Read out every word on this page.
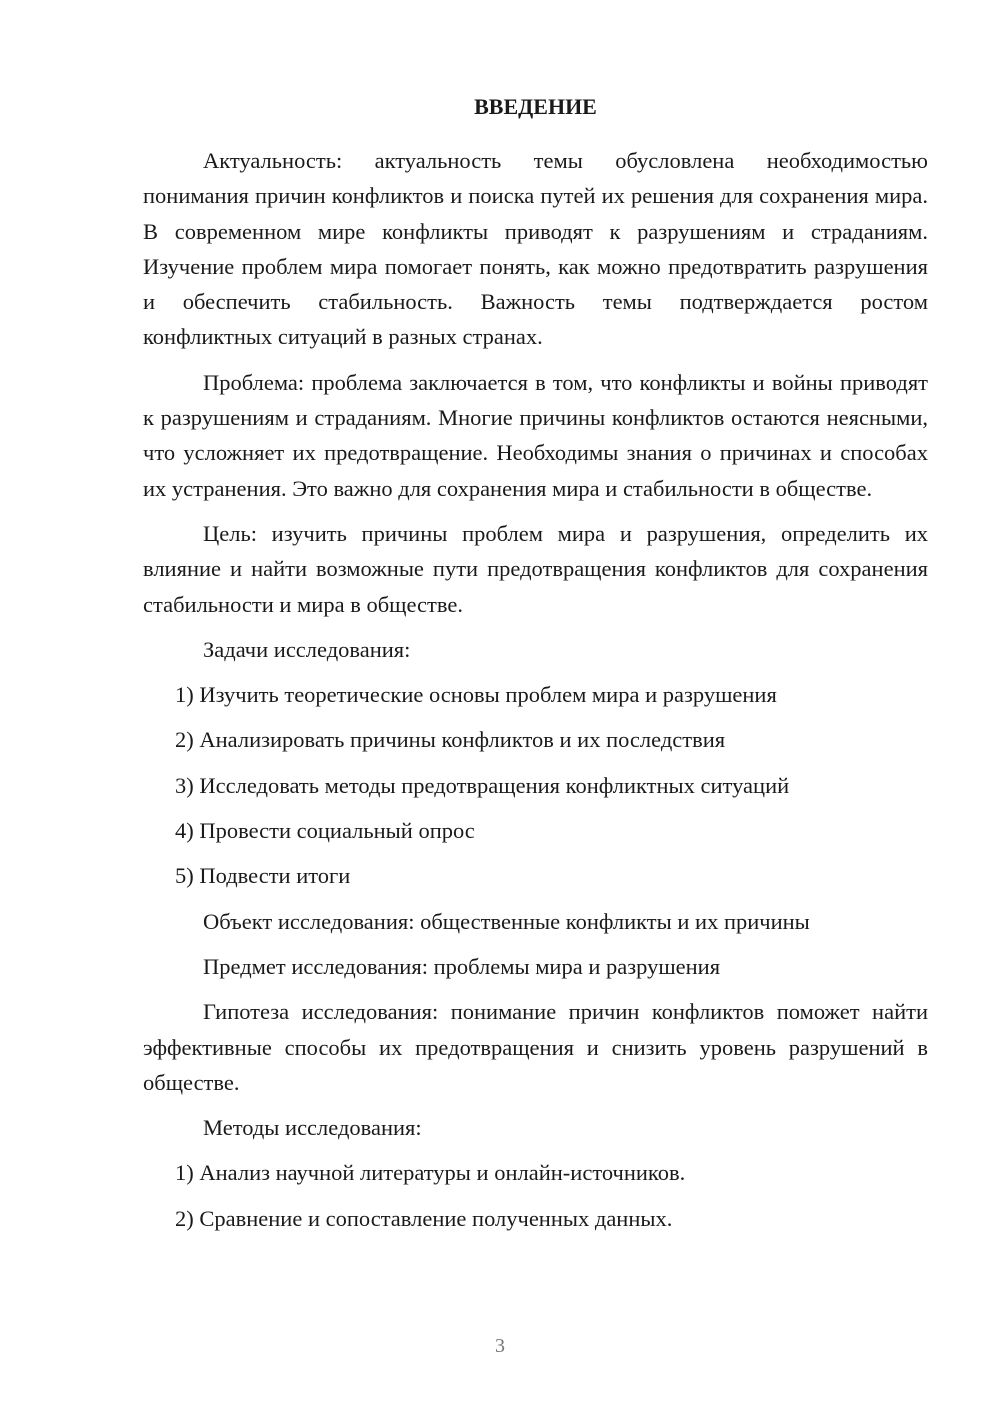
ВВЕДЕНИЕ

Актуальность: актуальность темы обусловлена необходимостью понимания причин конфликтов и поиска путей их решения для сохранения мира. В современном мире конфликты приводят к разрушениям и страданиям. Изучение проблем мира помогает понять, как можно предотвратить разрушения и обеспечить стабильность. Важность темы подтверждается ростом конфликтных ситуаций в разных странах.

Проблема: проблема заключается в том, что конфликты и войны приводят к разрушениям и страданиям. Многие причины конфликтов остаются неясными, что усложняет их предотвращение. Необходимы знания о причинах и способах их устранения. Это важно для сохранения мира и стабильности в обществе.

Цель: изучить причины проблем мира и разрушения, определить их влияние и найти возможные пути предотвращения конфликтов для сохранения стабильности и мира в обществе.

Задачи исследования:
1) Изучить теоретические основы проблем мира и разрушения
2) Анализировать причины конфликтов и их последствия
3) Исследовать методы предотвращения конфликтных ситуаций
4) Провести социальный опрос
5) Подвести итоги
Объект исследования: общественные конфликты и их причины
Предмет исследования: проблемы мира и разрушения

Гипотеза исследования: понимание причин конфликтов поможет найти эффективные способы их предотвращения и снизить уровень разрушений в обществе.

Методы исследования:
1) Анализ научной литературы и онлайн-источников.
2) Сравнение и сопоставление полученных данных.
3
